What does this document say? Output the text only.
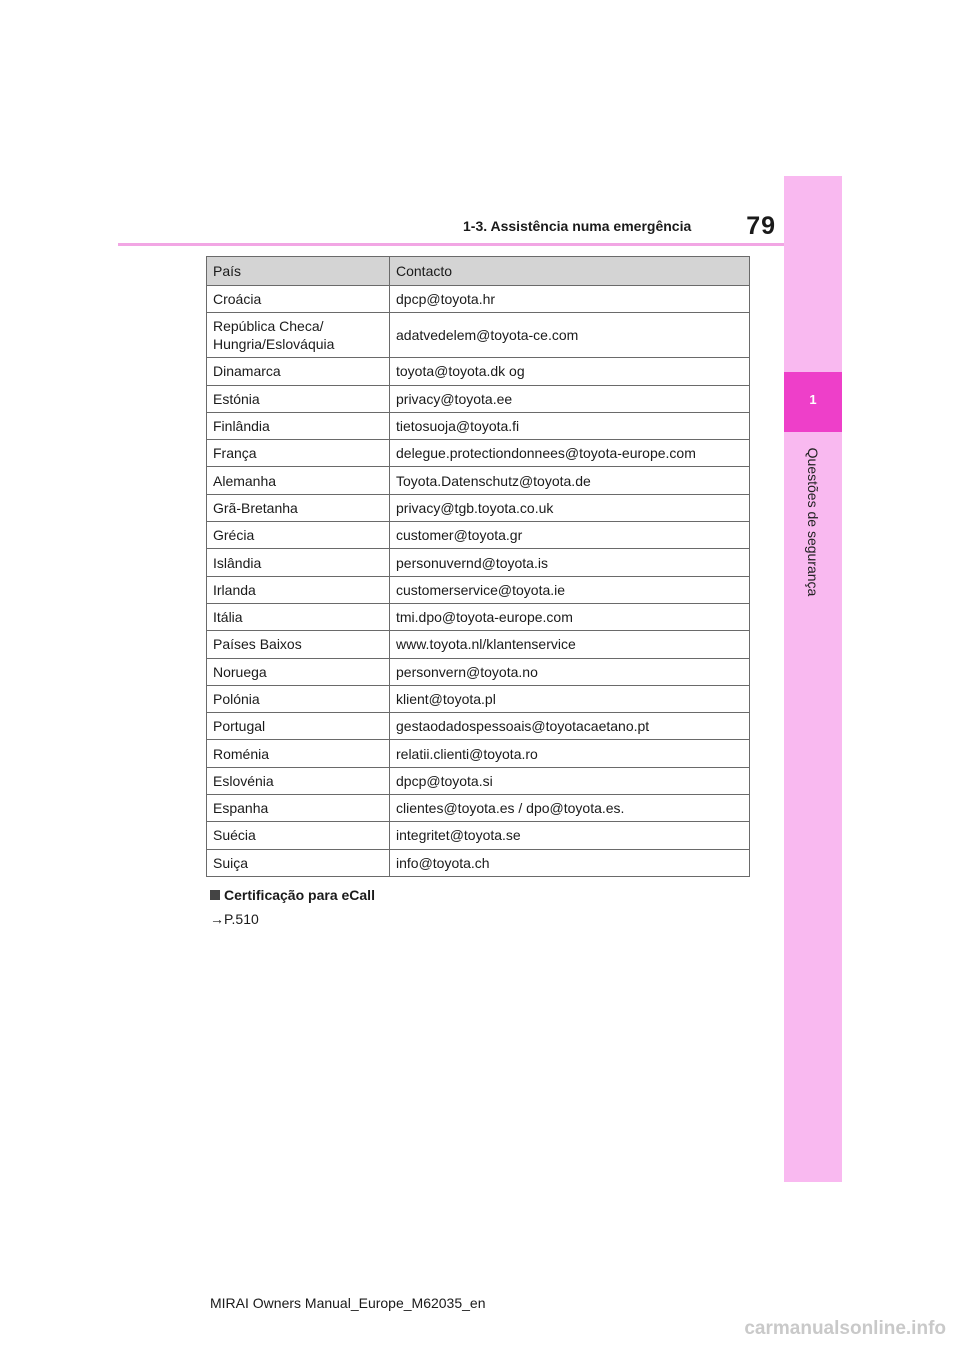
1
Questões de segurança
1-3. Assistência numa emergência	79
País	Contacto
Croácia	dpcp@toyota.hr
República Checa/
Hungria/Eslováquia	adatvedelem@toyota-ce.com
Dinamarca	toyota@toyota.dk og
Estónia	privacy@toyota.ee
Finlândia	tietosuoja@toyota.fi
França	delegue.protectiondonnees@toyota-europe.com
Alemanha	Toyota.Datenschutz@toyota.de
Grã-Bretanha	privacy@tgb.toyota.co.uk
Grécia	customer@toyota.gr
Islândia	personuvernd@toyota.is
Irlanda	customerservice@toyota.ie
Itália	tmi.dpo@toyota-europe.com
Países Baixos	www.toyota.nl/klantenservice
Noruega	personvern@toyota.no
Polónia	klient@toyota.pl
Portugal	gestaodadospessoais@toyotacaetano.pt
Roménia	relatii.clienti@toyota.ro
Eslovénia	dpcp@toyota.si
Espanha	clientes@toyota.es / dpo@toyota.es.
Suécia	integritet@toyota.se
Suiça	info@toyota.ch
Certificação para eCall
→P.510
MIRAI Owners Manual_Europe_M62035_en
carmanualsonline.info
